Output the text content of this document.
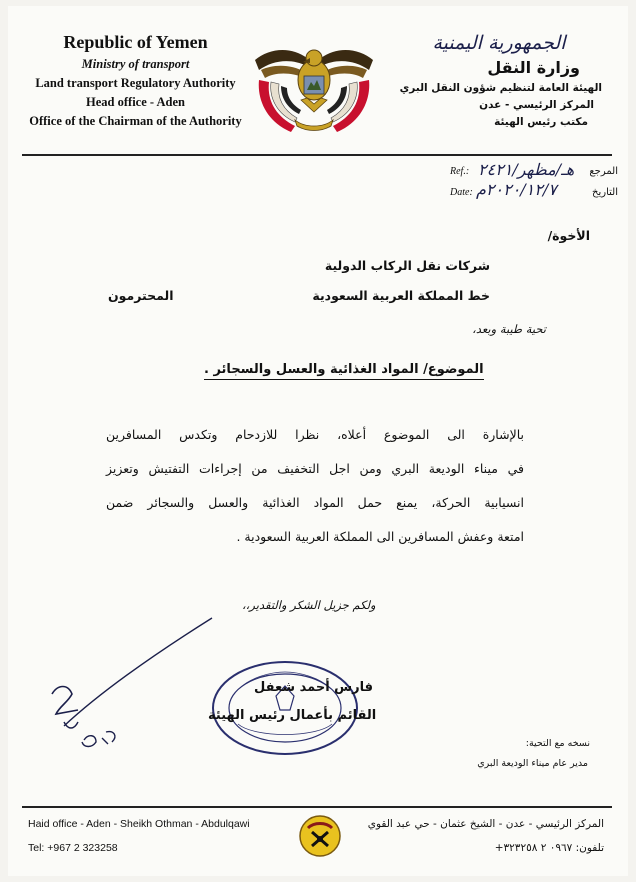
Republic of Yemen
Ministry of transport
Land transport Regulatory Authority
Head office - Aden
Office of the Chairman of the Authority
الجمهورية اليمنية
وزارة النقل
الهيئة العامة لتنظيم شؤون النقل البري
المركز الرئيسي - عدن
مكتب رئيس الهيئة
المرجع
Ref.: هـ/مظهر/٢٤٢١
التاريخ
Date: ٢٠٢٠/١٢/٧م
الأخوة/
شركات نقل الركاب الدولية
خط المملكة العربية السعودية
المحترمون
تحية طيبة وبعد،
الموضوع/ المواد الغذائية والعسل والسجائر .
بالإشارة الى الموضوع أعلاه، نظرا للازدحام وتكدس المسافرين
في ميناء الوديعة البري ومن اجل التخفيف من إجراءات التفتيش وتعزيز
انسيابية الحركة، يمنع حمل المواد الغذائية والعسل والسجائر ضمن
امتعة وعفش المسافرين الى المملكة العربية السعودية .
ولكم جزيل الشكر والتقدير،،
فارس أحمد شعفل
القائم بأعمال رئيس الهيئة
نسخه مع التحية:
مدير عام ميناء الوديعة البري
Haid office - Aden - Sheikh Othman - Abdulqawi
Tel: +967 2 323258
المركز الرئيسي - عدن - الشيخ عثمان - حي عبد القوي
تلفون: ٠٩٦٧ ٢ ٣٢٣٢٥٨+
